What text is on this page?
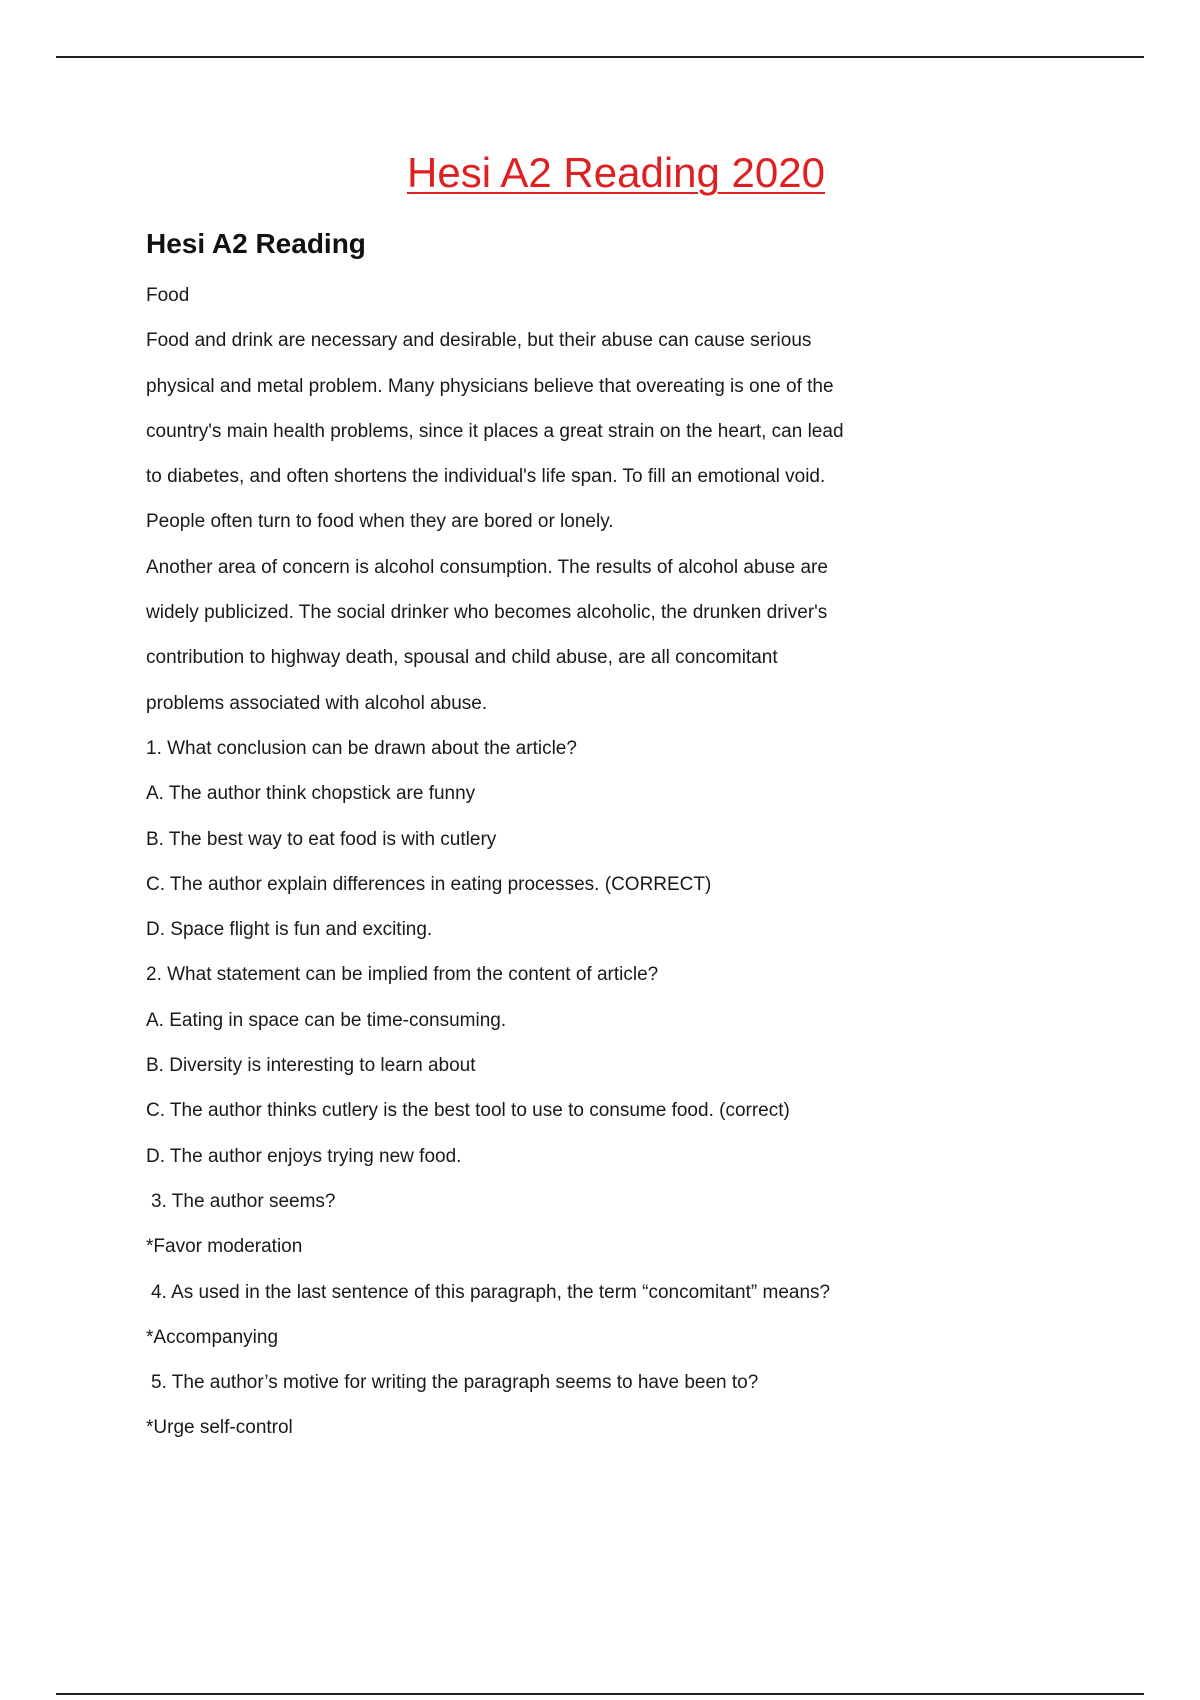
Hesi A2 Reading 2020
Hesi A2 Reading
Food
Food and drink are necessary and desirable, but their abuse can cause serious
physical and metal problem. Many physicians believe that overeating is one of the
country's main health problems, since it places a great strain on the heart, can lead
to diabetes, and often shortens the individual's life span. To fill an emotional void.
People often turn to food when they are bored or lonely.
Another area of concern is alcohol consumption. The results of alcohol abuse are
widely publicized. The social drinker who becomes alcoholic, the drunken driver's
contribution to highway death, spousal and child abuse, are all concomitant
problems associated with alcohol abuse.
1. What conclusion can be drawn about the article?
A. The author think chopstick are funny
B. The best way to eat food is with cutlery
C. The author explain differences in eating processes. (CORRECT)
D. Space flight is fun and exciting.
2. What statement can be implied from the content of article?
A. Eating in space can be time-consuming.
B. Diversity is interesting to learn about
C. The author thinks cutlery is the best tool to use to consume food. (correct)
D. The author enjoys trying new food.
3. The author seems?
*Favor moderation
4. As used in the last sentence of this paragraph, the term “concomitant” means?
*Accompanying
5. The author’s motive for writing the paragraph seems to have been to?
*Urge self-control
